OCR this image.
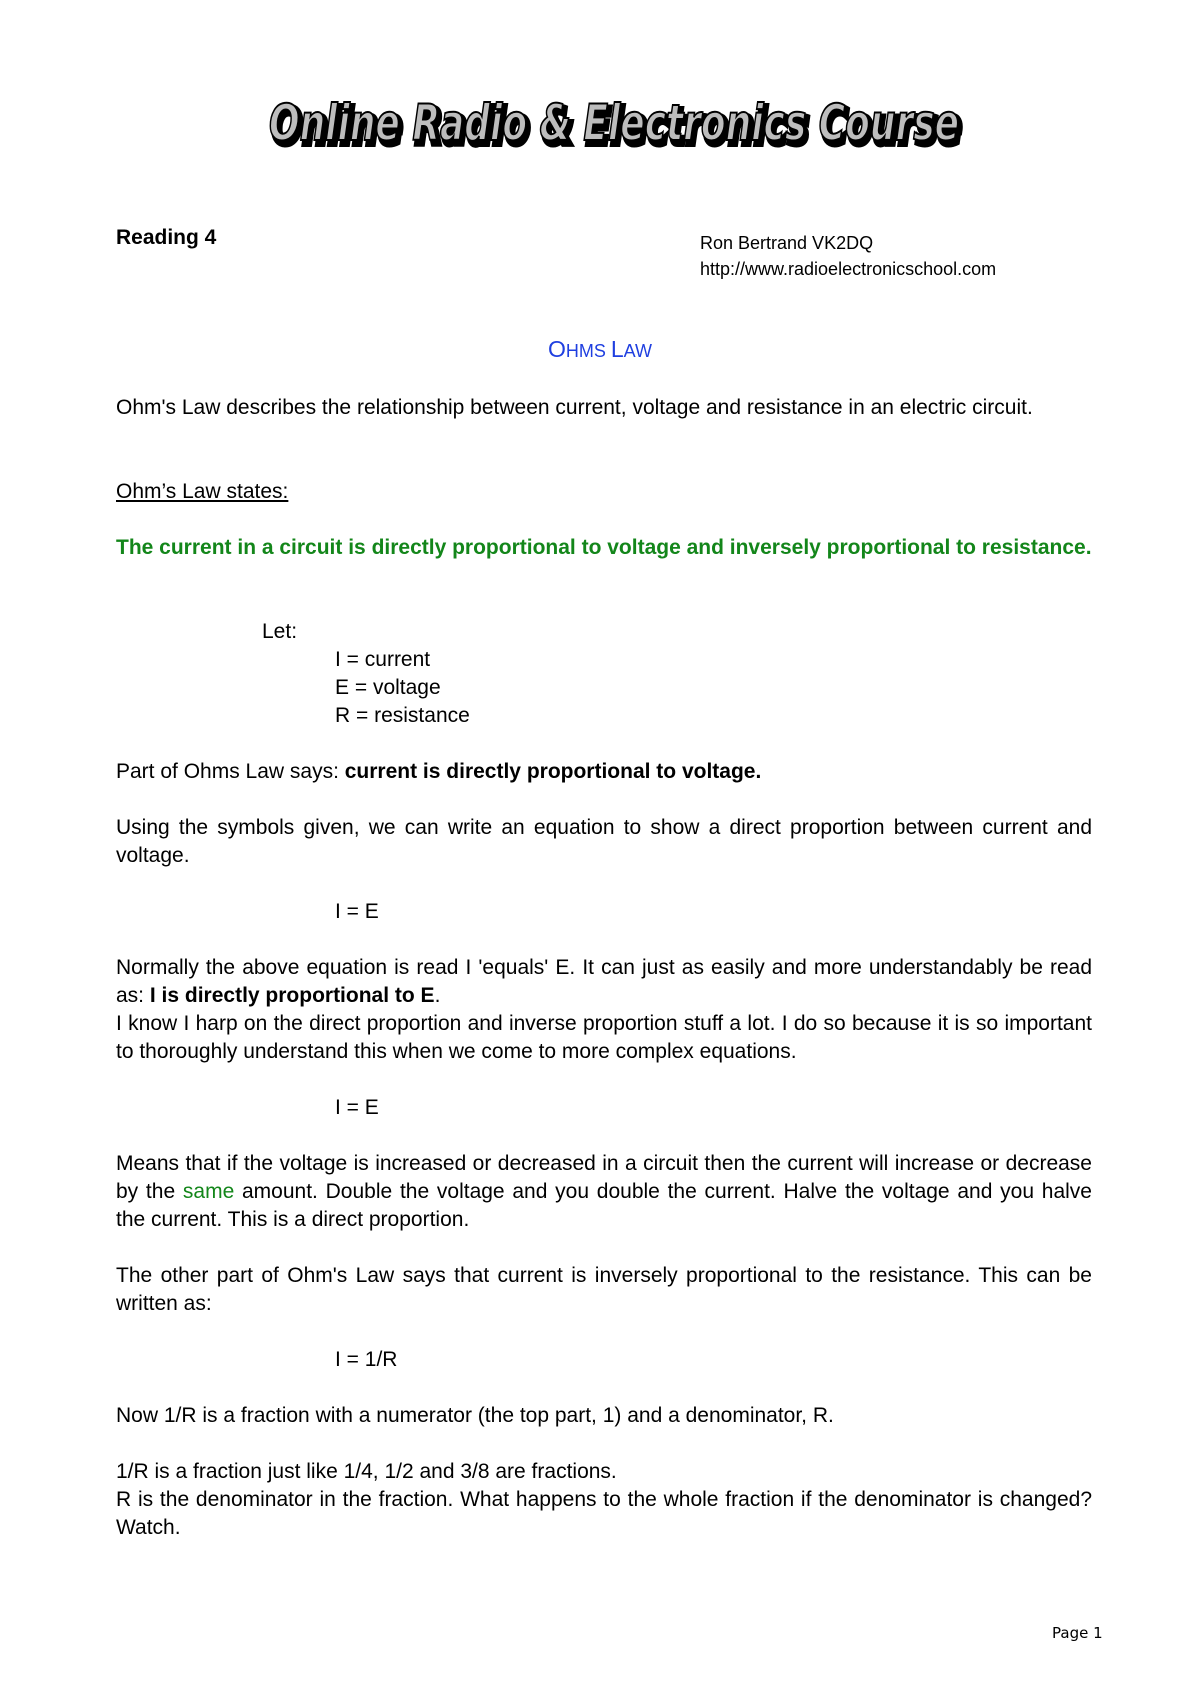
Online Radio & Electronics Course
Online Radio & Electronics Course
Reading 4	Ron Bertrand VK2DQ
http://www.radioelectronicschool.com
OHMS LAW
Ohm's Law describes the relationship between current, voltage and resistance in an electric circuit.
Ohm’s Law states:
The current in a circuit is directly proportional to voltage and inversely proportional to resistance.
Let:
I = current
E = voltage
R = resistance
Part of Ohms Law says: current is directly proportional to voltage.
Using the symbols given, we can write an equation to show a direct proportion between current and voltage.
I = E
Normally the above equation is read I 'equals' E. It can just as easily and more understandably be read as: I is directly proportional to E.
I know I harp on the direct proportion and inverse proportion stuff a lot. I do so because it is so important to thoroughly understand this when we come to more complex equations.
I = E
Means that if the voltage is increased or decreased in a circuit then the current will increase or decrease by the same amount. Double the voltage and you double the current. Halve the voltage and you halve the current. This is a direct proportion.
The other part of Ohm's Law says that current is inversely proportional to the resistance. This can be written as:
I = 1/R
Now 1/R is a fraction with a numerator (the top part, 1) and a denominator, R.
1/R is a fraction just like 1/4, 1/2 and 3/8 are fractions.
R is the denominator in the fraction. What happens to the whole fraction if the denominator is changed? Watch.
Page 1
